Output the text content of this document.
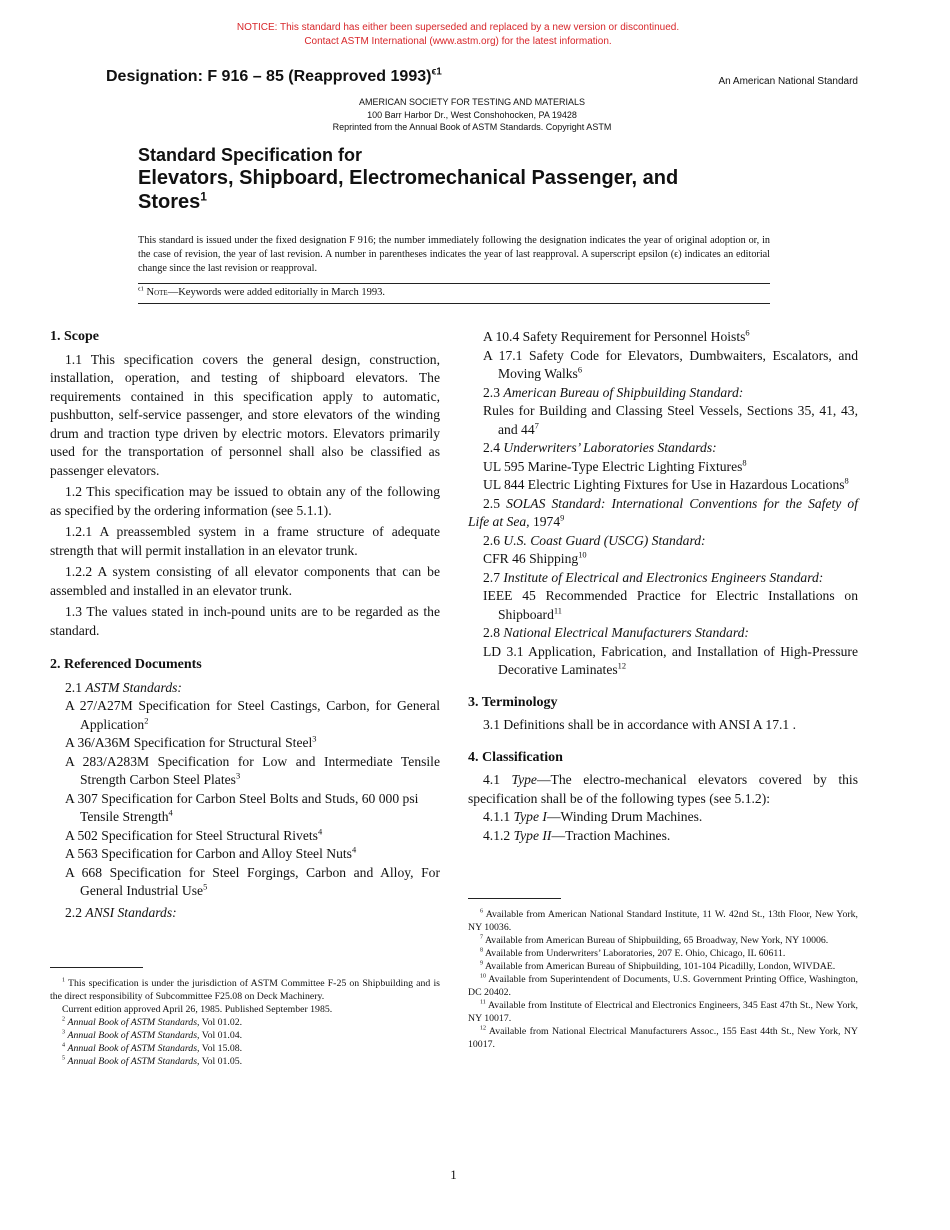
NOTICE: This standard has either been superseded and replaced by a new version or discontinued.
Contact ASTM International (www.astm.org) for the latest information.
Designation: F 916 – 85 (Reapproved 1993)$^{\epsilon 1}$
An American National Standard
AMERICAN SOCIETY FOR TESTING AND MATERIALS
100 Barr Harbor Dr., West Conshohocken, PA 19428
Reprinted from the Annual Book of ASTM Standards. Copyright ASTM
Standard Specification for
Elevators, Shipboard, Electromechanical Passenger, and
Stores$^1$
This standard is issued under the fixed designation F 916; the number immediately following the designation indicates the year of original adoption or, in the case of revision, the year of last revision. A number in parentheses indicates the year of last reapproval. A superscript epsilon (ϵ) indicates an editorial change since the last revision or reapproval.
$^{\epsilon 1}$ Note—Keywords were added editorially in March 1993.

1. Scope

1.1 This specification covers the general design, construction, installation, operation, and testing of shipboard elevators. The requirements contained in this specification apply to automatic, pushbutton, self-service passenger, and store elevators of the winding drum and traction type driven by electric motors. Elevators primarily used for the transportation of personnel shall also be classified as passenger elevators.

1.2 This specification may be issued to obtain any of the following as specified by the ordering information (see 5.1.1).

1.2.1 A preassembled system in a frame structure of adequate strength that will permit installation in an elevator trunk.

1.2.2 A system consisting of all elevator components that can be assembled and installed in an elevator trunk.

1.3 The values stated in inch-pound units are to be regarded as the standard.

2. Referenced Documents

2.1 ASTM Standards:

A 27/A27M Specification for Steel Castings, Carbon, for General Application$^2$

A 36/A36M Specification for Structural Steel$^3$

A 283/A283M Specification for Low and Intermediate Tensile Strength Carbon Steel Plates$^3$

A 307 Specification for Carbon Steel Bolts and Studs, 60 000 psi Tensile Strength$^4$

A 502 Specification for Steel Structural Rivets$^4$

A 563 Specification for Carbon and Alloy Steel Nuts$^4$

A 668 Specification for Steel Forgings, Carbon and Alloy, For General Industrial Use$^5$

2.2 ANSI Standards:

$^1$ This specification is under the jurisdiction of ASTM Committee F-25 on Shipbuilding and is the direct responsibility of Subcommittee F25.08 on Deck Machinery.

Current edition approved April 26, 1985. Published September 1985.

$^2$ Annual Book of ASTM Standards, Vol 01.02.

$^3$ Annual Book of ASTM Standards, Vol 01.04.

$^4$ Annual Book of ASTM Standards, Vol 15.08.

$^5$ Annual Book of ASTM Standards, Vol 01.05.

A 10.4 Safety Requirement for Personnel Hoists$^6$

A 17.1 Safety Code for Elevators, Dumbwaiters, Escalators, and Moving Walks$^6$

2.3 American Bureau of Shipbuilding Standard:

Rules for Building and Classing Steel Vessels, Sections 35, 41, 43, and $44^7$

2.4 Underwriters’ Laboratories Standards:

UL 595 Marine-Type Electric Lighting Fixtures$^8$

UL 844 Electric Lighting Fixtures for Use in Hazardous Locations$^8$

2.5 SOLAS Standard: International Conventions for the Safety of Life at Sea, 1974$^9$

2.6 U.S. Coast Guard (USCG) Standard:

CFR 46 Shipping$^{10}$

2.7 Institute of Electrical and Electronics Engineers Standard:

IEEE 45 Recommended Practice for Electric Installations on Shipboard$^{11}$

2.8 National Electrical Manufacturers Standard:

LD 3.1 Application, Fabrication, and Installation of High-Pressure Decorative Laminates$^{12}$

3. Terminology

3.1 Definitions shall be in accordance with ANSI A 17.1 .

4. Classification

4.1 Type—The electro-mechanical elevators covered by this specification shall be of the following types (see 5.1.2):

4.1.1 Type I—Winding Drum Machines.

4.1.2 Type II—Traction Machines.

$^6$ Available from American National Standard Institute, 11 W. 42nd St., 13th Floor, New York, NY 10036.

$^7$ Available from American Bureau of Shipbuilding, 65 Broadway, New York, NY 10006.

$^8$ Available from Underwriters’ Laboratories, 207 E. Ohio, Chicago, IL 60611.

$^9$ Available from American Bureau of Shipbuilding, 101-104 Picadilly, London, WIVDAE.

$^{10}$ Available from Superintendent of Documents, U.S. Government Printing Office, Washington, DC 20402.

$^{11}$ Available from Institute of Electrical and Electronics Engineers, 345 East 47th St., New York, NY 10017.

$^{12}$ Available from National Electrical Manufacturers Assoc., 155 East 44th St., New York, NY 10017.

1
